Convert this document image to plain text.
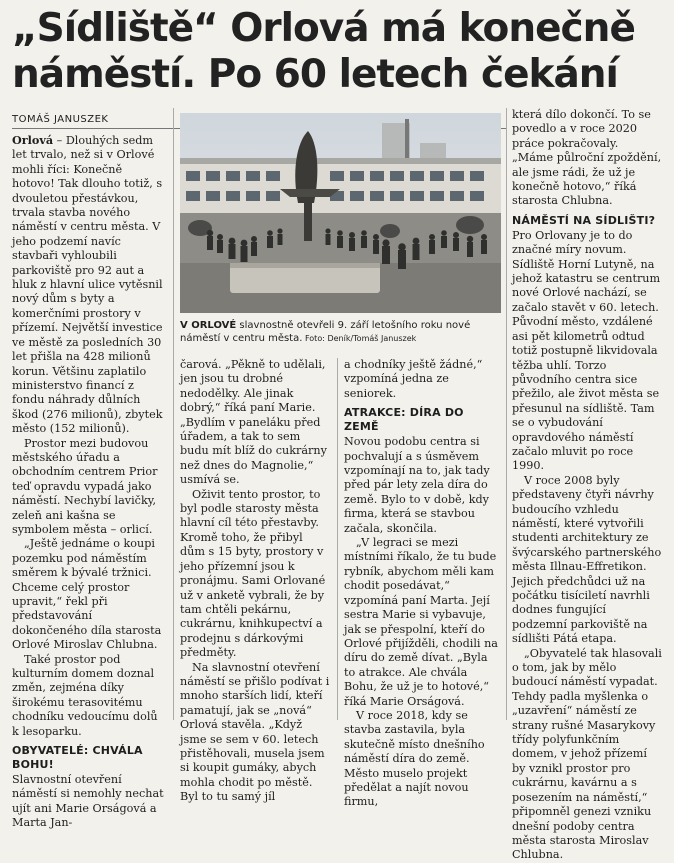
„Sídliště“ Orlová má konečně náměstí. Po 60 letech čekání
TOMÁŠ JANUSZEK

V ORLOVÉ slavnostně otevřeli 9. září letošního roku nové náměstí v centru města. Foto: Deník/Tomáš Januszek

Orlová – Dlouhých sedm let trvalo, než si v Orlové mohli říci: Konečně hotovo! Tak dlouho totiž, s dvouletou přestávkou, trvala stavba nového náměstí v centru města. V jeho podzemí navíc stavbaři vyhloubili parkoviště pro 92 aut a hluk z hlavní ulice vytěsnil nový dům s byty a komerčními prostory v přízemí. Největší investice ve městě za posledních 30 let přišla na 428 milionů korun. Většinu zaplatilo ministerstvo financí z fondu náhrady důlních škod (276 milionů), zbytek město (152 milionů).

Prostor mezi budovou městského úřadu a obchodním centrem Prior teď opravdu vypadá jako náměstí. Nechybí lavičky, zeleň ani kašna se symbolem města – orlicí.

„Ještě jednáme o koupi pozemku pod náměstím směrem k bývalé tržnici. Chceme celý prostor upravit,“ řekl při představování dokončeného díla starosta Orlové Miroslav Chlubna.

Také prostor pod kulturním domem doznal změn, zejména díky širokému terasovitému chodníku vedoucímu dolů k lesoparku.

OBYVATELÉ: CHVÁLA BOHU!

Slavnostní otevření náměstí si nemohly nechat ujít ani Marie Orságová a Marta Jan-

čarová. „Pěkně to udělali, jen jsou tu drobné nedodělky. Ale jinak dobrý,“ říká paní Marie. „Bydlím v paneláku před úřadem, a tak to sem budu mít blíž do cukrárny než dnes do Magnolie,“ usmívá se.

Oživit tento prostor, to byl podle starosty města hlavní cíl této přestavby. Kromě toho, že přibyl dům s 15 byty, prostory v jeho přízemní jsou k pronájmu. Sami Orlované už v anketě vybrali, že by tam chtěli pekárnu, cukrárnu, knihkupectví a prodejnu s dárkovými předměty.

Na slavnostní otevření náměstí se přišlo podívat i mnoho starších lidí, kteří pamatují, jak se „nová“ Orlová stavěla. „Když jsme se sem v 60. letech přistěhovali, musela jsem si koupit gumáky, abych mohla chodit po městě. Byl to tu samý jíl

a chodníky ještě žádné,“ vzpomíná jedna ze seniorek.

ATRAKCE: DÍRA DO ZEMĚ

Novou podobu centra si pochvalují a s úsměvem vzpomínají na to, jak tady před pár lety zela díra do země. Bylo to v době, kdy firma, která se stavbou začala, skončila.

„V legraci se mezi místními říkalo, že tu bude rybník, abychom měli kam chodit posedávat,“ vzpomíná paní Marta. Její sestra Marie si vybavuje, jak se přespolní, kteří do Orlové přijížděli, chodili na díru do země dívat. „Byla to atrakce. Ale chvála Bohu, že už je to hotové,“ říká Marie Orságová.

V roce 2018, kdy se stavba zastavila, byla skutečně místo dnešního náměstí díra do země. Město muselo projekt předělat a najít novou firmu,

která dílo dokončí. To se povedlo a v roce 2020 práce pokračovaly. „Máme půlroční zpoždění, ale jsme rádi, že už je konečně hotovo,“ říká starosta Chlubna.

NÁMĚSTÍ NA SÍDLIŠTI?

Pro Orlovany je to do značné míry novum. Sídliště Horní Lutyně, na jehož katastru se centrum nové Orlové nachází, se začalo stavět v 60. letech. Původní město, vzdálené asi pět kilometrů odtud totiž postupně likvidovala těžba uhlí. Torzo původního centra sice přežilo, ale život města se přesunul na sídliště. Tam se o vybudování opravdového náměstí začalo mluvit po roce 1990.

V roce 2008 byly představeny čtyři návrhy budoucího vzhledu náměstí, které vytvořili studenti architektury ze švýcarského partnerského města Illnau-Effretikon. Jejich předchůdci už na počátku tisíciletí navrhli dodnes fungující podzemní parkoviště na sídlišti Pátá etapa.

„Obyvatelé tak hlasovali o tom, jak by mělo budoucí náměstí vypadat. Tehdy padla myšlenka o „uzavření“ náměstí ze strany rušné Masarykovy třídy polyfunkčním domem, v jehož přízemí by vznikl prostor pro cukrárnu, kavárnu a s posezením na náměstí,“ připomněl genezi vzniku dnešní podoby centra města starosta Miroslav Chlubna.
